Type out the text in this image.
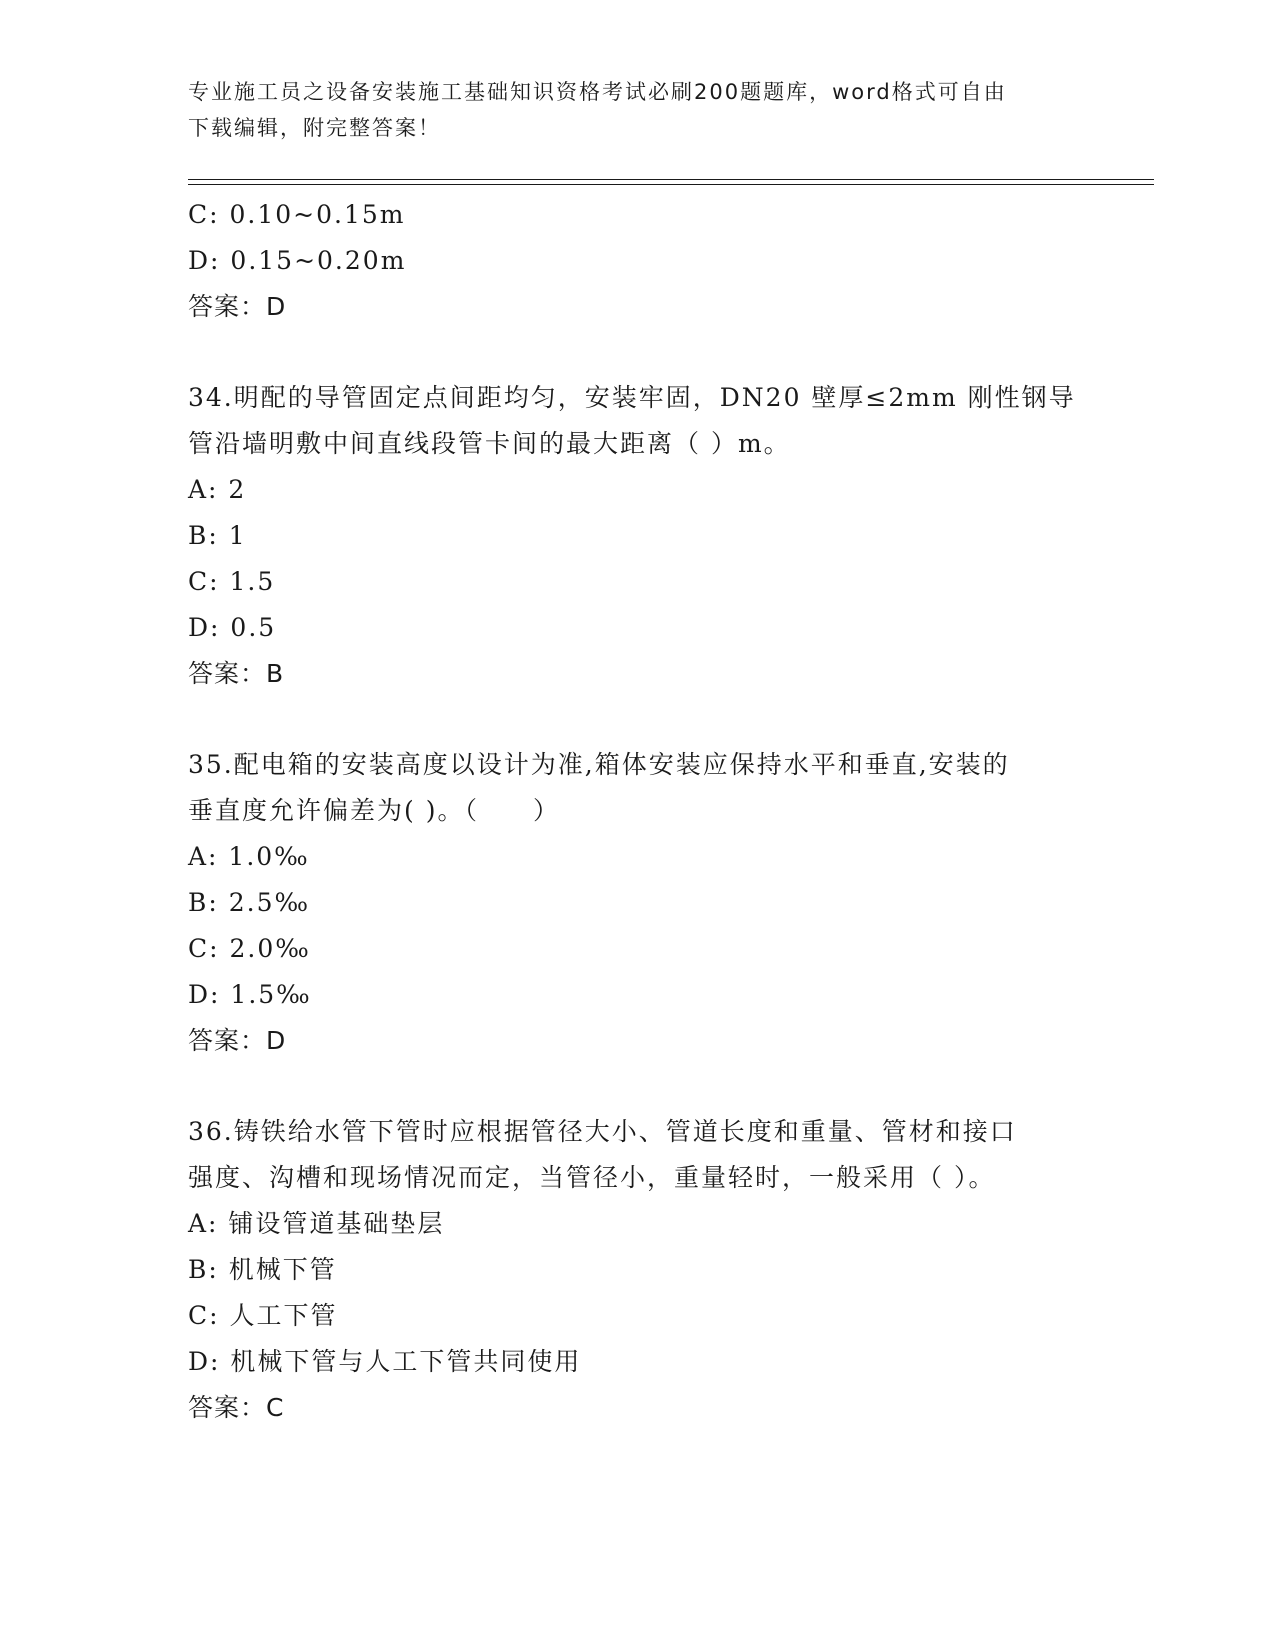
专业施工员之设备安装施工基础知识资格考试必刷200题题库，word格式可自由
下载编辑，附完整答案！
C: 0.10~0.15m
D: 0.15~0.20m
答案：D
34.明配的导管固定点间距均匀，安装牢固，DN20 壁厚≤2mm 刚性钢导
管沿墙明敷中间直线段管卡间的最大距离（ ）m。
A: 2
B: 1
C: 1.5
D: 0.5
答案：B
35.配电箱的安装高度以设计为准,箱体安装应保持水平和垂直,安装的
垂直度允许偏差为( )。（　　）
A: 1.0‰
B: 2.5‰
C: 2.0‰
D: 1.5‰
答案：D
36.铸铁给水管下管时应根据管径大小、管道长度和重量、管材和接口
强度、沟槽和现场情况而定，当管径小，重量轻时，一般采用（ ）。
A: 铺设管道基础垫层
B: 机械下管
C: 人工下管
D: 机械下管与人工下管共同使用
答案：C
